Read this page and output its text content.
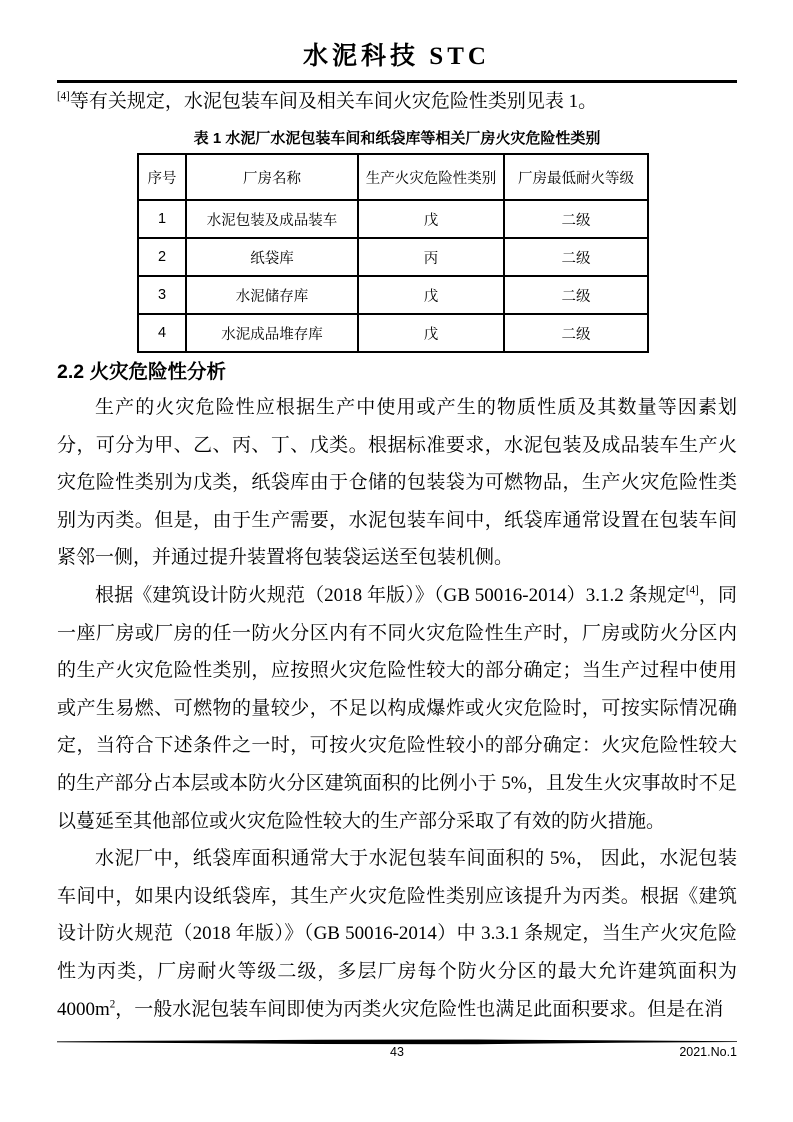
水泥科技 STC

[4]等有关规定，水泥包装车间及相关车间火灾危险性类别见表 1。

表 1 水泥厂水泥包装车间和纸袋库等相关厂房火灾危险性类别
序号	厂房名称	生产火灾危险性类别	厂房最低耐火等级
1	水泥包装及成品装车	戊	二级
2	纸袋库	丙	二级
3	水泥储存库	戊	二级
4	水泥成品堆存库	戊	二级
2.2 火灾危险性分析

生产的火灾危险性应根据生产中使用或产生的物质性质及其数量等因素划分，可分为甲、乙、丙、丁、戊类。根据标准要求，水泥包装及成品装车生产火灾危险性类别为戊类，纸袋库由于仓储的包装袋为可燃物品，生产火灾危险性类别为丙类。但是，由于生产需要，水泥包装车间中，纸袋库通常设置在包装车间紧邻一侧，并通过提升装置将包装袋运送至包装机侧。

根据《建筑设计防火规范（2018 年版）》（GB 50016-2014）3.1.2 条规定[4]，同一座厂房或厂房的任一防火分区内有不同火灾危险性生产时，厂房或防火分区内的生产火灾危险性类别，应按照火灾危险性较大的部分确定；当生产过程中使用或产生易燃、可燃物的量较少，不足以构成爆炸或火灾危险时，可按实际情况确定，当符合下述条件之一时，可按火灾危险性较小的部分确定：火灾危险性较大的生产部分占本层或本防火分区建筑面积的比例小于 5%，且发生火灾事故时不足以蔓延至其他部位或火灾危险性较大的生产部分采取了有效的防火措施。

水泥厂中，纸袋库面积通常大于水泥包装车间面积的 5%， 因此，水泥包装车间中，如果内设纸袋库，其生产火灾危险性类别应该提升为丙类。根据《建筑设计防火规范（2018 年版）》（GB 50016-2014）中 3.3.1 条规定，当生产火灾危险性为丙类，厂房耐火等级二级，多层厂房每个防火分区的最大允许建筑面积为$4000m^2$，一般水泥包装车间即使为丙类火灾危险性也满足此面积要求。但是在消

43	2021.No.1
